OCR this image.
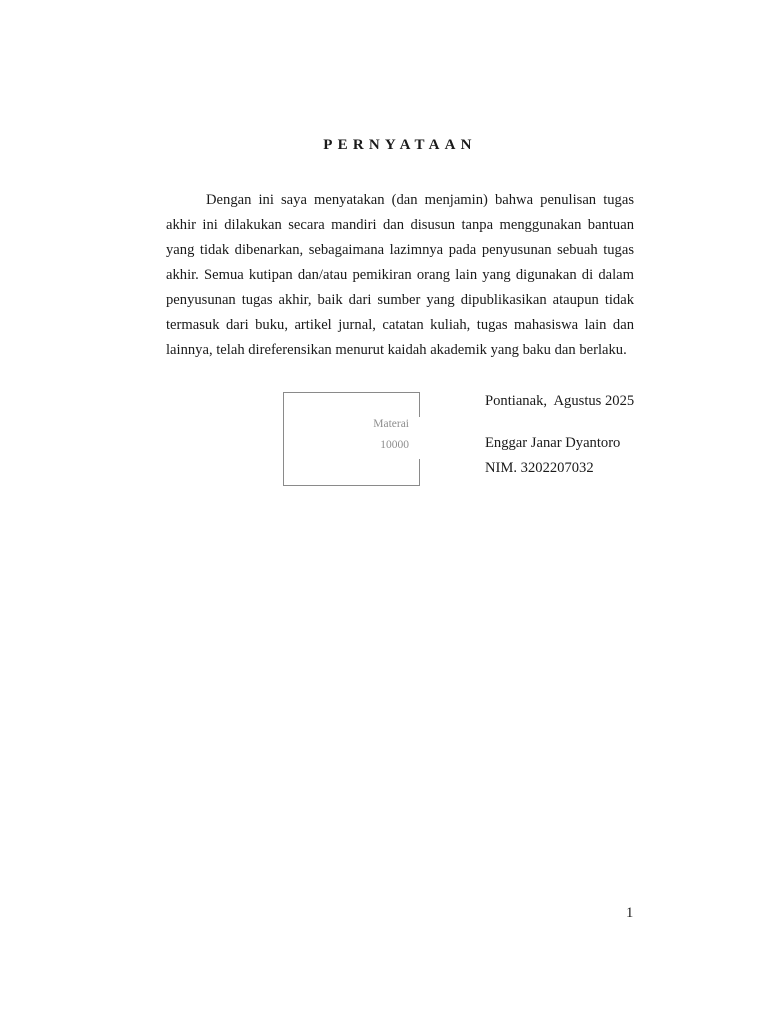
PERNYATAAN

Dengan ini saya menyatakan (dan menjamin) bahwa penulisan tugas akhir ini dilakukan secara mandiri dan disusun tanpa menggunakan bantuan yang tidak dibenarkan, sebagaimana lazimnya pada penyusunan sebuah tugas akhir. Semua kutipan dan/atau pemikiran orang lain yang digunakan di dalam penyusunan tugas akhir, baik dari sumber yang dipublikasikan ataupun tidak termasuk dari buku, artikel jurnal, catatan kuliah, tugas mahasiswa lain dan lainnya, telah direferensikan menurut kaidah akademik yang baku dan berlaku.

Materai
10000
Pontianak,  Agustus 2025
Enggar Janar Dyantoro
NIM. 3202207032
1
